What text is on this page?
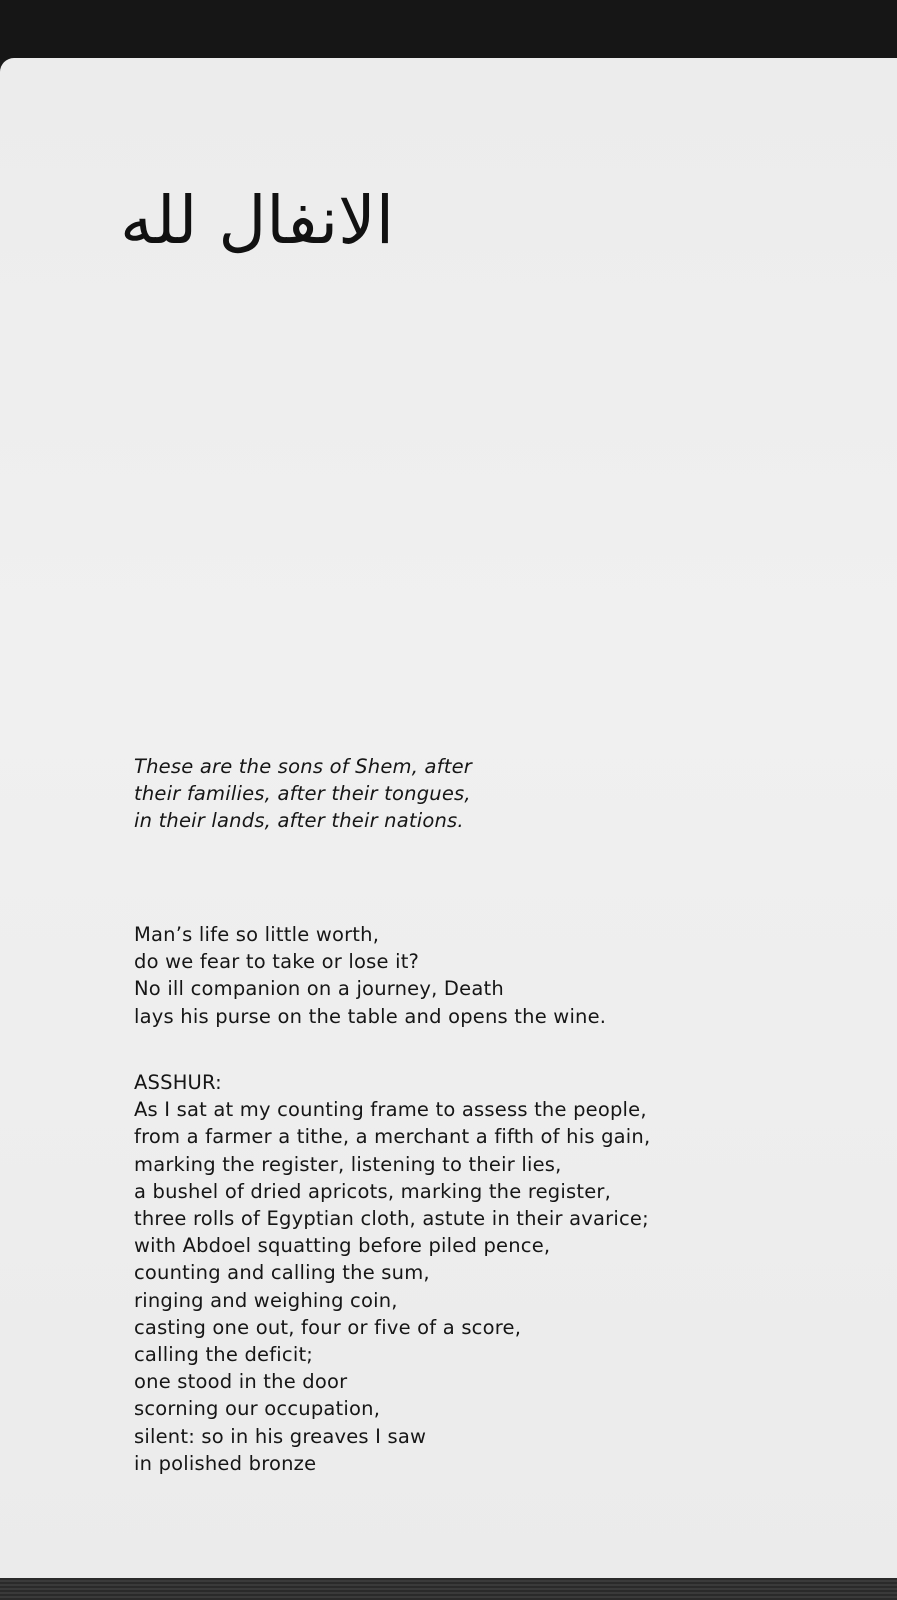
الانفال لله
These are the sons of Shem, after
their families, after their tongues,
in their lands, after their nations.
Man’s life so little worth,
do we fear to take or lose it?
No ill companion on a journey, Death
lays his purse on the table and opens the wine.
ASSHUR:
As I sat at my counting frame to assess the people,
from a farmer a tithe, a merchant a fifth of his gain,
marking the register, listening to their lies,
a bushel of dried apricots, marking the register,
three rolls of Egyptian cloth, astute in their avarice;
with Abdoel squatting before piled pence,
counting and calling the sum,
ringing and weighing coin,
casting one out, four or five of a score,
calling the deficit;
one stood in the door
scorning our occupation,
silent: so in his greaves I saw
in polished bronze
